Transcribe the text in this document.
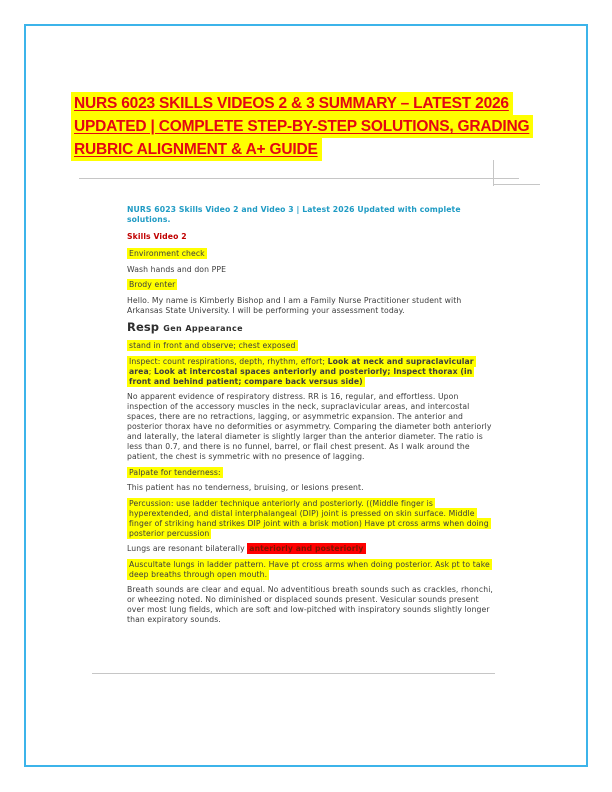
NURS 6023 SKILLS VIDEOS 2 & 3 SUMMARY – LATEST 2026
UPDATED | COMPLETE STEP-BY-STEP SOLUTIONS, GRADING
RUBRIC ALIGNMENT & A+ GUIDE

NURS 6023 Skills Video 2 and Video 3 | Latest 2026 Updated with complete solutions.

Skills Video 2

Environment check

Wash hands and don PPE

Brody enter

Hello. My name is Kimberly Bishop and I am a Family Nurse Practitioner student with Arkansas State University. I will be performing your assessment today.

Resp Gen Appearance

stand in front and observe; chest exposed

Inspect: count respirations, depth, rhythm, effort; Look at neck and supraclavicular area; Look at intercostal spaces anteriorly and posteriorly; Inspect thorax (in front and behind patient; compare back versus side)

No apparent evidence of respiratory distress. RR is 16, regular, and effortless. Upon inspection of the accessory muscles in the neck, supraclavicular areas, and intercostal spaces, there are no retractions, lagging, or asymmetric expansion. The anterior and posterior thorax have no deformities or asymmetry. Comparing the diameter both anteriorly and laterally, the lateral diameter is slightly larger than the anterior diameter. The ratio is less than 0.7, and there is no funnel, barrel, or flail chest present. As I walk around the patient, the chest is symmetric with no presence of lagging.

Palpate for tenderness:

This patient has no tenderness, bruising, or lesions present.

Percussion: use ladder technique anteriorly and posteriorly. ((Middle finger is hyperextended, and distal interphalangeal (DIP) joint is pressed on skin surface. Middle finger of striking hand strikes DIP joint with a brisk motion) Have pt cross arms when doing posterior percussion

Lungs are resonant bilaterally anteriorly and posteriorly

Auscultate lungs in ladder pattern. Have pt cross arms when doing posterior. Ask pt to take deep breaths through open mouth.

Breath sounds are clear and equal. No adventitious breath sounds such as crackles, rhonchi, or wheezing noted. No diminished or displaced sounds present. Vesicular sounds present over most lung fields, which are soft and low-pitched with inspiratory sounds slightly longer than expiratory sounds.
